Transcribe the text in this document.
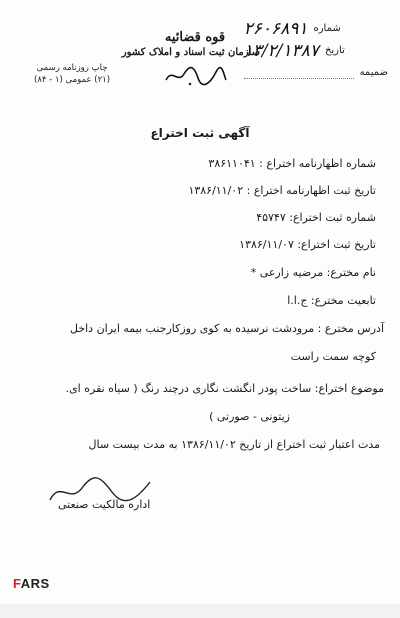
شماره
۲۶۰۶۸۹۱
تاریخ
۱۳/۲/۱۳۸۷
ضمیمه
قوه قضائیه
سازمان ثبت اسناد و املاک کشور
چاپ روزنامه رسمی
(۲۱) عمومی (۱ - ۸۴)
آگهی ثبت اختراع
شماره اظهارنامه اختراع : ۳۸۶۱۱۰۴۱
تاریخ ثبت اظهارنامه اختراع : ۱۳۸۶/۱۱/۰۲
شماره ثبت اختراع: ۴۵۷۴۷
تاریخ ثبت اختراع: ۱۳۸۶/۱۱/۰۷
نام مخترع: مرضیه زارعی *
تابعیت مخترع: ج.ا.ا
آدرس مخترع : مرودشت نرسیده به کوی روزکارجنب بیمه ایران داخل
کوچه سمت راست
موضوع اختراع: ساخت پودر انگشت نگاری درچند رنگ ( سیاه نقره ای.
زیتونی - صورتی )
مدت اعتبار ثبت اختراع از تاریخ ۱۳۸۶/۱۱/۰۲ به مدت بیست سال
اداره مالکیت صنعتی
FARS
